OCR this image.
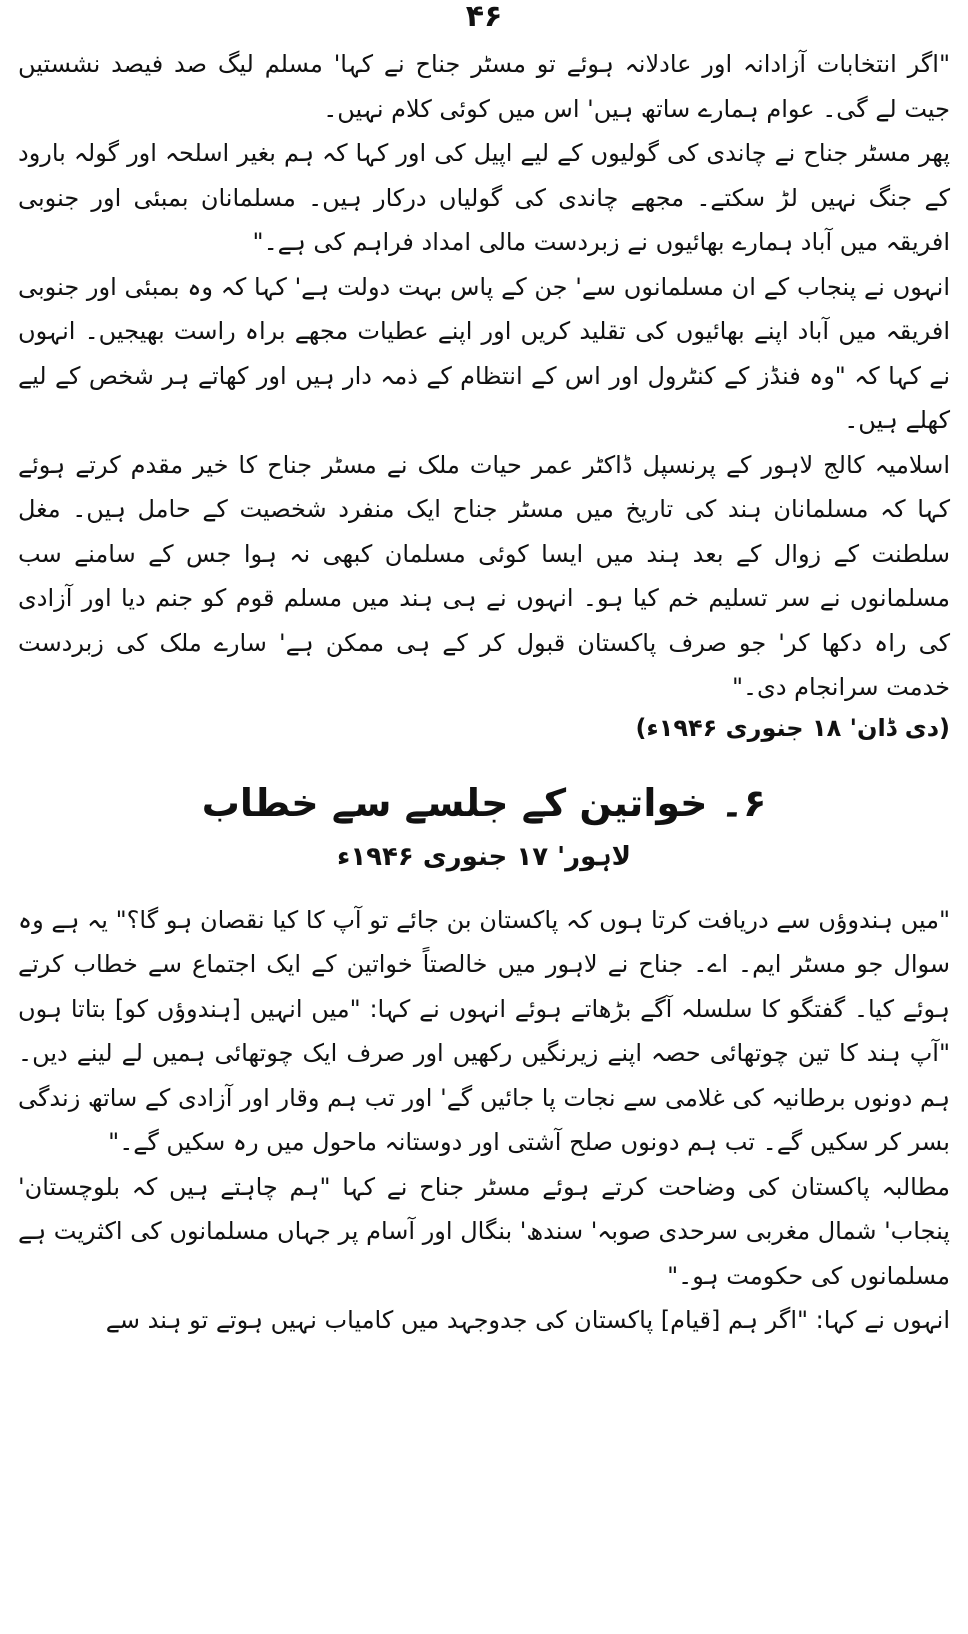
۴۶

"اگر انتخابات آزادانہ اور عادلانہ ہوئے تو مسٹر جناح نے کہا' مسلم لیگ صد فیصد نشستیں جیت لے گی۔ عوام ہمارے ساتھ ہیں' اس میں کوئی کلام نہیں۔

پھر مسٹر جناح نے چاندی کی گولیوں کے لیے اپیل کی اور کہا کہ ہم بغیر اسلحہ اور گولہ بارود کے جنگ نہیں لڑ سکتے۔ مجھے چاندی کی گولیاں درکار ہیں۔ مسلمانان بمبئی اور جنوبی افریقہ میں آباد ہمارے بھائیوں نے زبردست مالی امداد فراہم کی ہے۔"

انہوں نے پنجاب کے ان مسلمانوں سے' جن کے پاس بہت دولت ہے' کہا کہ وہ بمبئی اور جنوبی افریقہ میں آباد اپنے بھائیوں کی تقلید کریں اور اپنے عطیات مجھے براہ راست بھیجیں۔ انہوں نے کہا کہ "وہ فنڈز کے کنٹرول اور اس کے انتظام کے ذمہ دار ہیں اور کھاتے ہر شخص کے لیے کھلے ہیں۔

اسلامیہ کالج لاہور کے پرنسپل ڈاکٹر عمر حیات ملک نے مسٹر جناح کا خیر مقدم کرتے ہوئے کہا کہ مسلمانان ہند کی تاریخ میں مسٹر جناح ایک منفرد شخصیت کے حامل ہیں۔ مغل سلطنت کے زوال کے بعد ہند میں ایسا کوئی مسلمان کبھی نہ ہوا جس کے سامنے سب مسلمانوں نے سر تسلیم خم کیا ہو۔ انہوں نے ہی ہند میں مسلم قوم کو جنم دیا اور آزادی کی راہ دکھا کر' جو صرف پاکستان قبول کر کے ہی ممکن ہے' سارے ملک کی زبردست خدمت سرانجام دی۔"

(دی ڈان' ۱۸ جنوری ۱۹۴۶ء)

۶۔ خواتین کے جلسے سے خطاب
لاہور' ۱۷ جنوری ۱۹۴۶ء

"میں ہندوؤں سے دریافت کرتا ہوں کہ پاکستان بن جائے تو آپ کا کیا نقصان ہو گا؟" یہ ہے وہ سوال جو مسٹر ایم۔ اے۔ جناح نے لاہور میں خالصتاً خواتین کے ایک اجتماع سے خطاب کرتے ہوئے کیا۔ گفتگو کا سلسلہ آگے بڑھاتے ہوئے انہوں نے کہا: "میں انہیں [ہندوؤں کو] بتاتا ہوں "آپ ہند کا تین چوتھائی حصہ اپنے زیرنگیں رکھیں اور صرف ایک چوتھائی ہمیں لے لینے دیں۔ ہم دونوں برطانیہ کی غلامی سے نجات پا جائیں گے' اور تب ہم وقار اور آزادی کے ساتھ زندگی بسر کر سکیں گے۔ تب ہم دونوں صلح آشتی اور دوستانہ ماحول میں رہ سکیں گے۔"

مطالبہ پاکستان کی وضاحت کرتے ہوئے مسٹر جناح نے کہا "ہم چاہتے ہیں کہ بلوچستان' پنجاب' شمال مغربی سرحدی صوبہ' سندھ' بنگال اور آسام پر جہاں مسلمانوں کی اکثریت ہے مسلمانوں کی حکومت ہو۔"

انہوں نے کہا: "اگر ہم [قیام] پاکستان کی جدوجہد میں کامیاب نہیں ہوتے تو ہند سے
